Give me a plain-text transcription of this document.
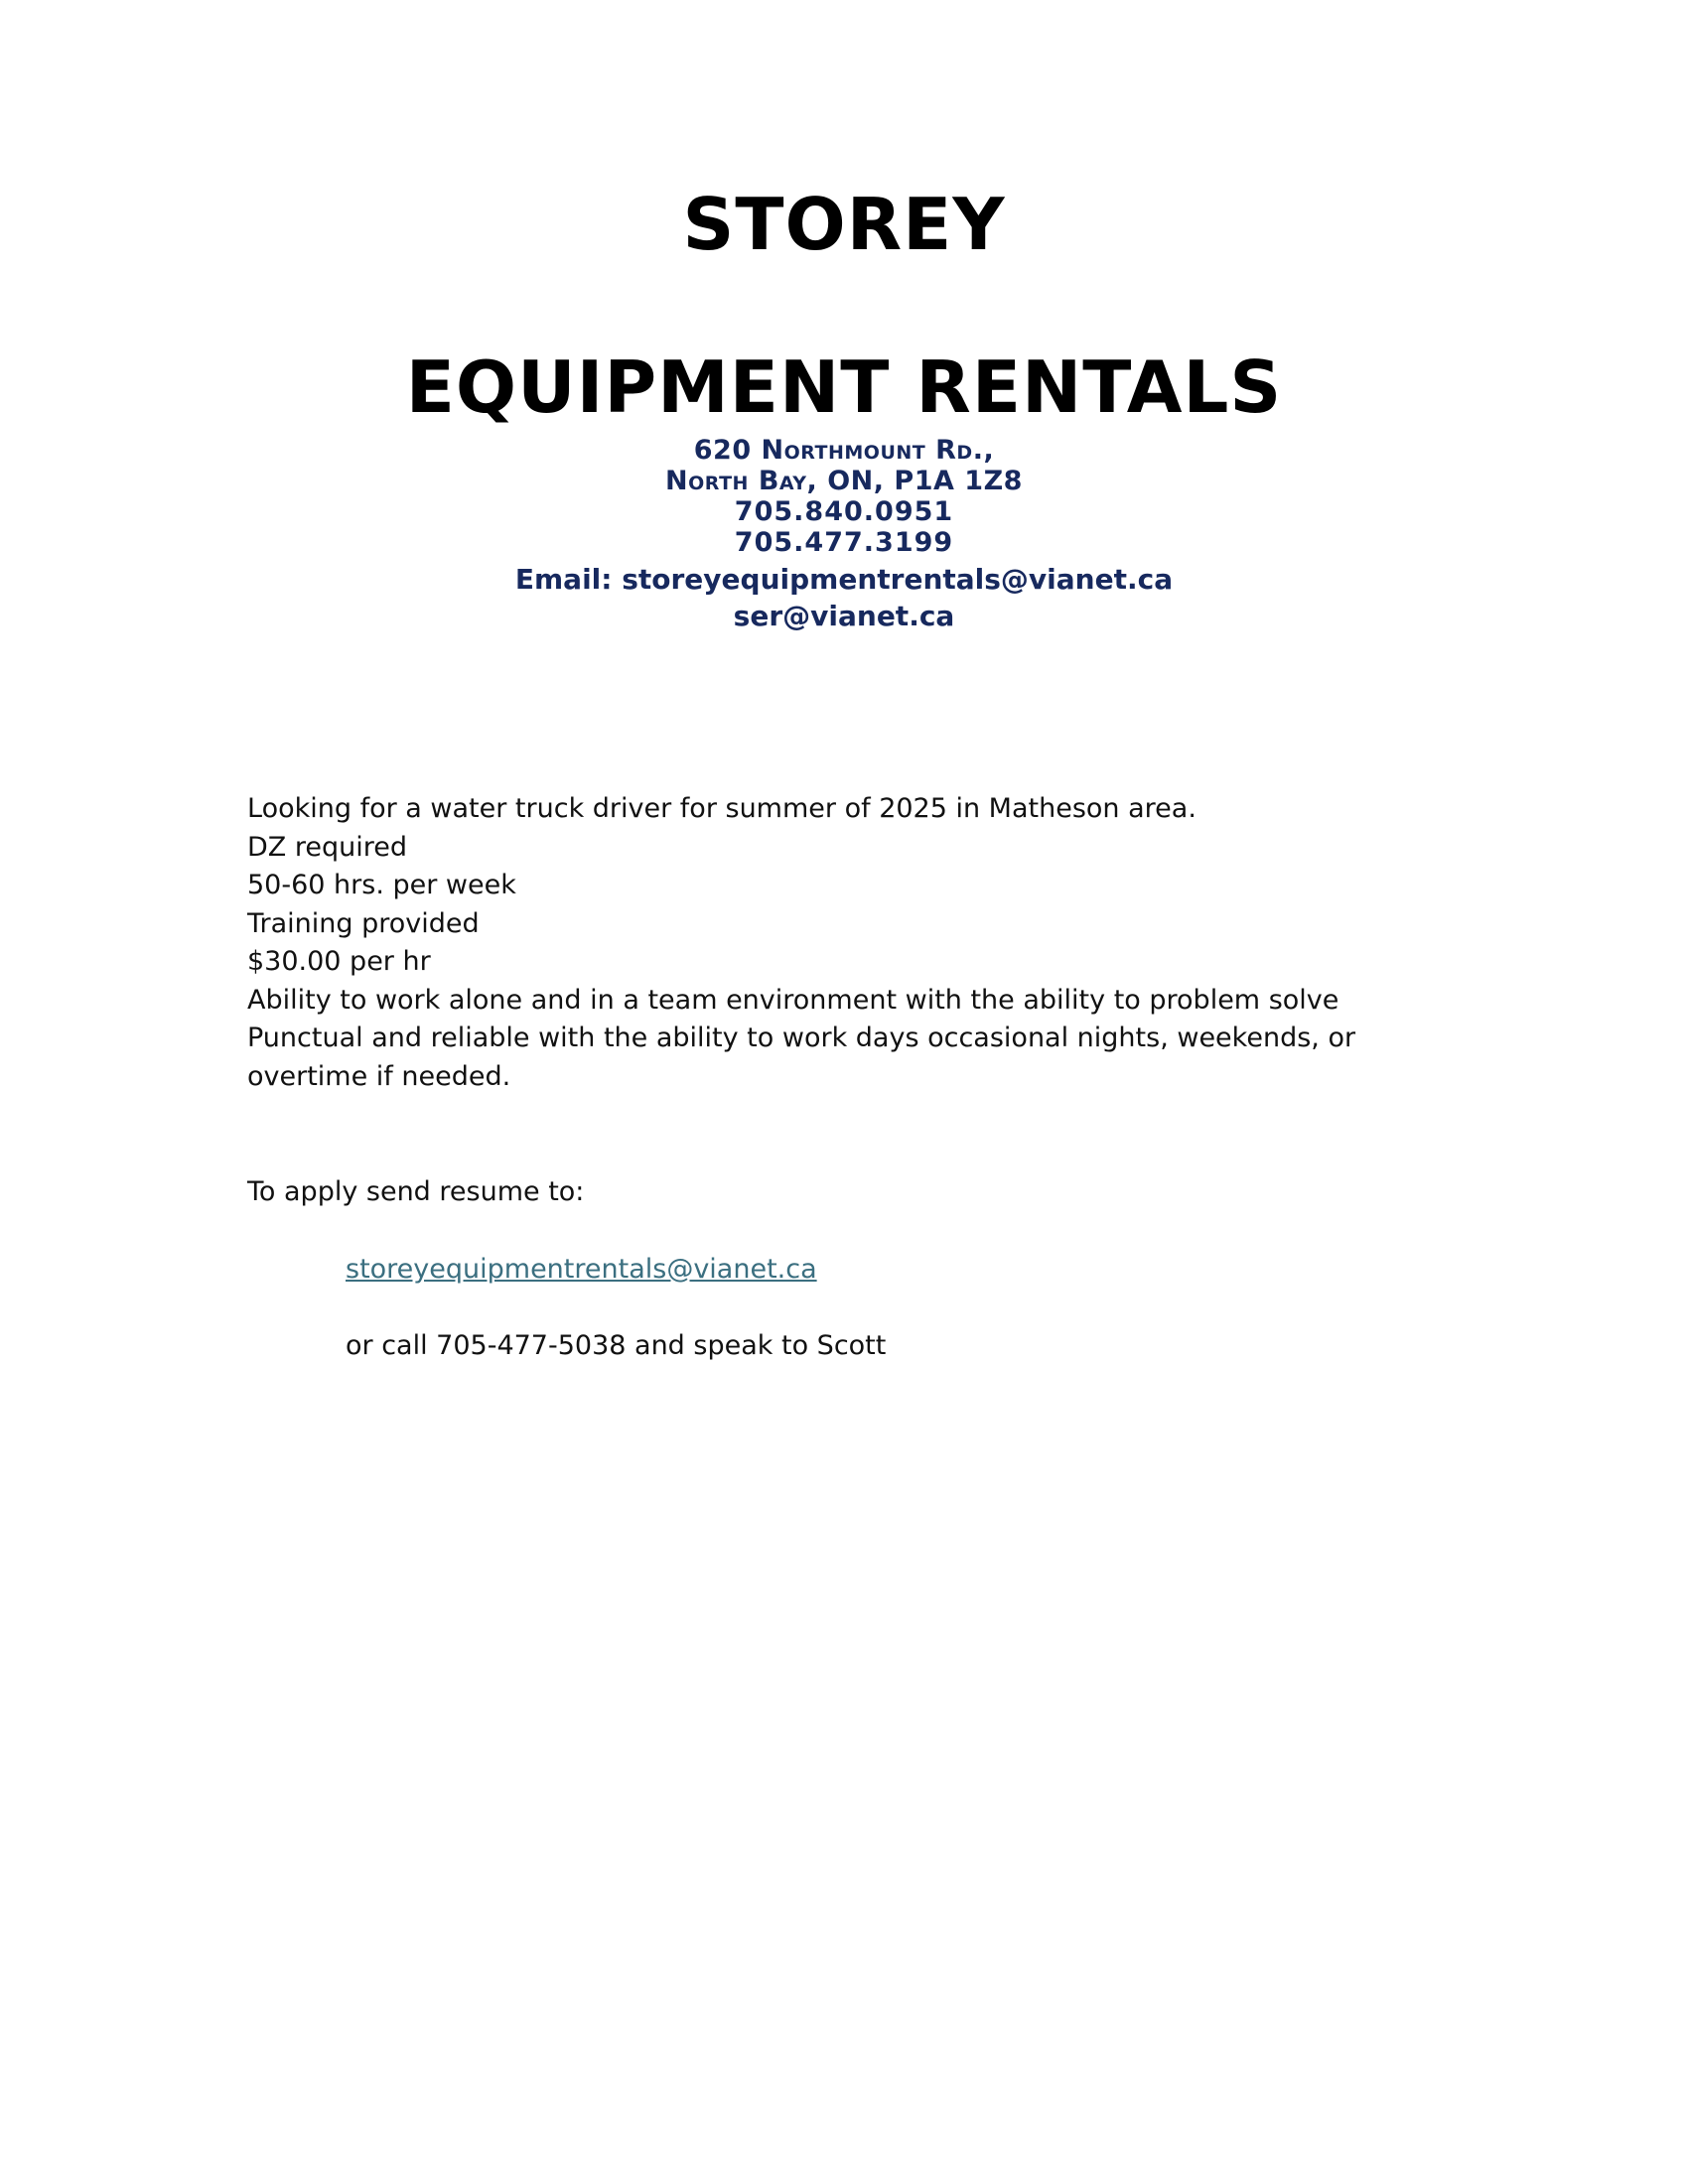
STOREY
EQUIPMENT RENTALS
620 Northmount Rd.,
North Bay, ON, P1A 1Z8
705.840.0951
705.477.3199
Email: storeyequipmentrentals@vianet.ca
ser@vianet.ca

Looking for a water truck driver for summer of 2025 in Matheson area.

DZ required

50-60 hrs. per week

Training provided

$30.00 per hr

Ability to work alone and in a team environment with the ability to problem solve

Punctual and reliable with the ability to work days occasional nights, weekends, or overtime if needed.

To apply send resume to:
storeyequipmentrentals@vianet.ca
or call 705-477-5038 and speak to Scott
